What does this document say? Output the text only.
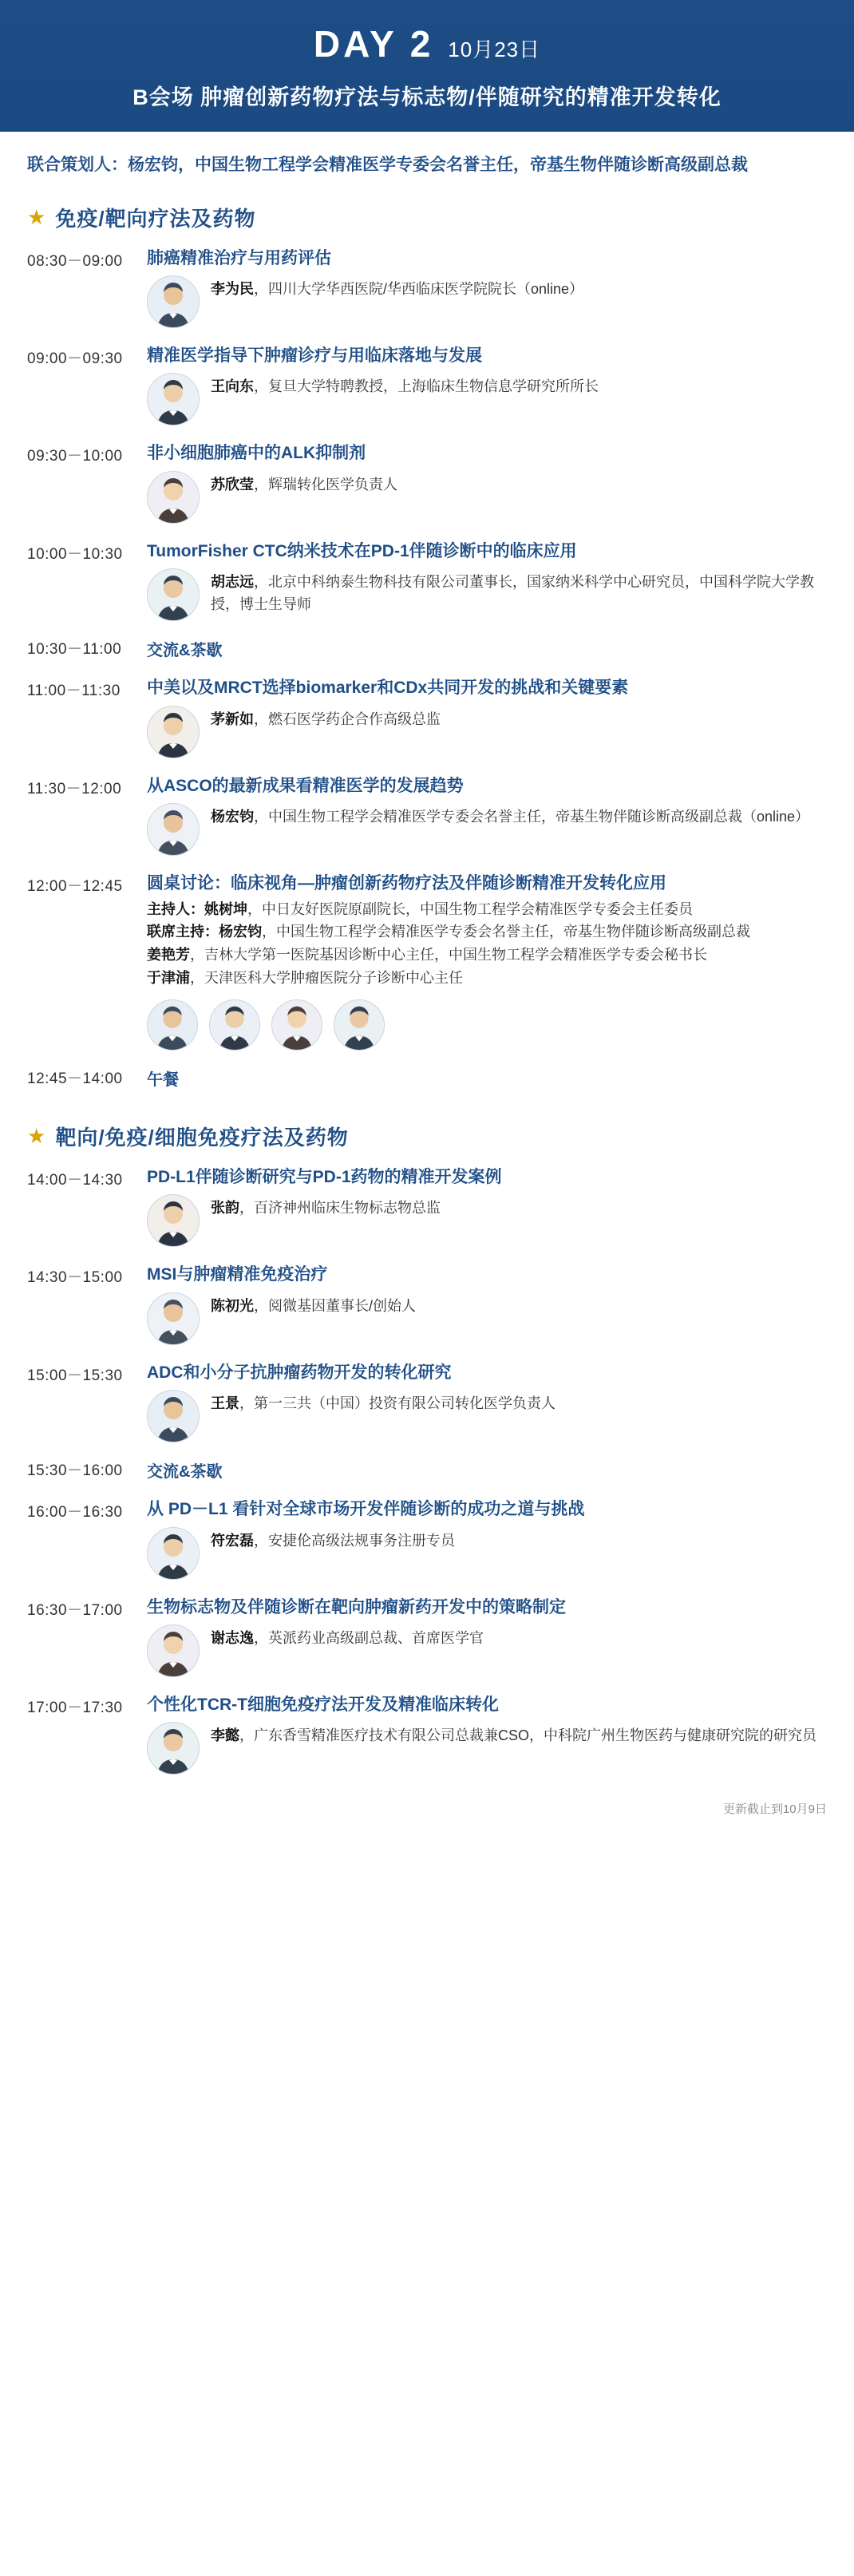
DAY 2 10月23日
B会场 肿瘤创新药物疗法与标志物/伴随研究的精准开发转化
联合策划人：杨宏钧，中国生物工程学会精准医学专委会名誉主任，帝基生物伴随诊断高级副总裁
★ 免疫/靶向疗法及药物
08:30－09:00	肺癌精准治疗与用药评估
李为民，四川大学华西医院/华西临床医学院院长（online）
09:00－09:30	精准医学指导下肿瘤诊疗与用临床落地与发展
王向东，复旦大学特聘教授，上海临床生物信息学研究所所长
09:30－10:00	非小细胞肺癌中的ALK抑制剂
苏欣莹，辉瑞转化医学负责人
10:00－10:30	TumorFisher CTC纳米技术在PD-1伴随诊断中的临床应用
胡志远，北京中科纳泰生物科技有限公司董事长，国家纳米科学中心研究员，中国科学院大学教授，博士生导师
10:30－11:00	交流&茶歇
11:00－11:30	中美以及MRCT选择biomarker和CDx共同开发的挑战和关键要素
茅新如，燃石医学药企合作高级总监
11:30－12:00	从ASCO的最新成果看精准医学的发展趋势
杨宏钧，中国生物工程学会精准医学专委会名誉主任，帝基生物伴随诊断高级副总裁（online）
12:00－12:45	圆桌讨论：临床视角—肿瘤创新药物疗法及伴随诊断精准开发转化应用
主持人：姚树坤，中日友好医院原副院长，中国生物工程学会精准医学专委会主任委员
联席主持：杨宏钧，中国生物工程学会精准医学专委会名誉主任，帝基生物伴随诊断高级副总裁
姜艳芳，吉林大学第一医院基因诊断中心主任，中国生物工程学会精准医学专委会秘书长
于津浦，天津医科大学肿瘤医院分子诊断中心主任
12:45－14:00	午餐
★ 靶向/免疫/细胞免疫疗法及药物
14:00－14:30	PD-L1伴随诊断研究与PD-1药物的精准开发案例
张韵，百济神州临床生物标志物总监
14:30－15:00	MSI与肿瘤精准免疫治疗
陈初光，阅微基因董事长/创始人
15:00－15:30	ADC和小分子抗肿瘤药物开发的转化研究
王景，第一三共（中国）投资有限公司转化医学负责人
15:30－16:00	交流&茶歇
16:00－16:30	从 PD－L1 看针对全球市场开发伴随诊断的成功之道与挑战
符宏磊，安捷伦高级法规事务注册专员
16:30－17:00	生物标志物及伴随诊断在靶向肿瘤新药开发中的策略制定
谢志逸，英派药业高级副总裁、首席医学官
17:00－17:30	个性化TCR-T细胞免疫疗法开发及精准临床转化
李懿，广东香雪精准医疗技术有限公司总裁兼CSO，中科院广州生物医药与健康研究院的研究员
更新截止到10月9日
